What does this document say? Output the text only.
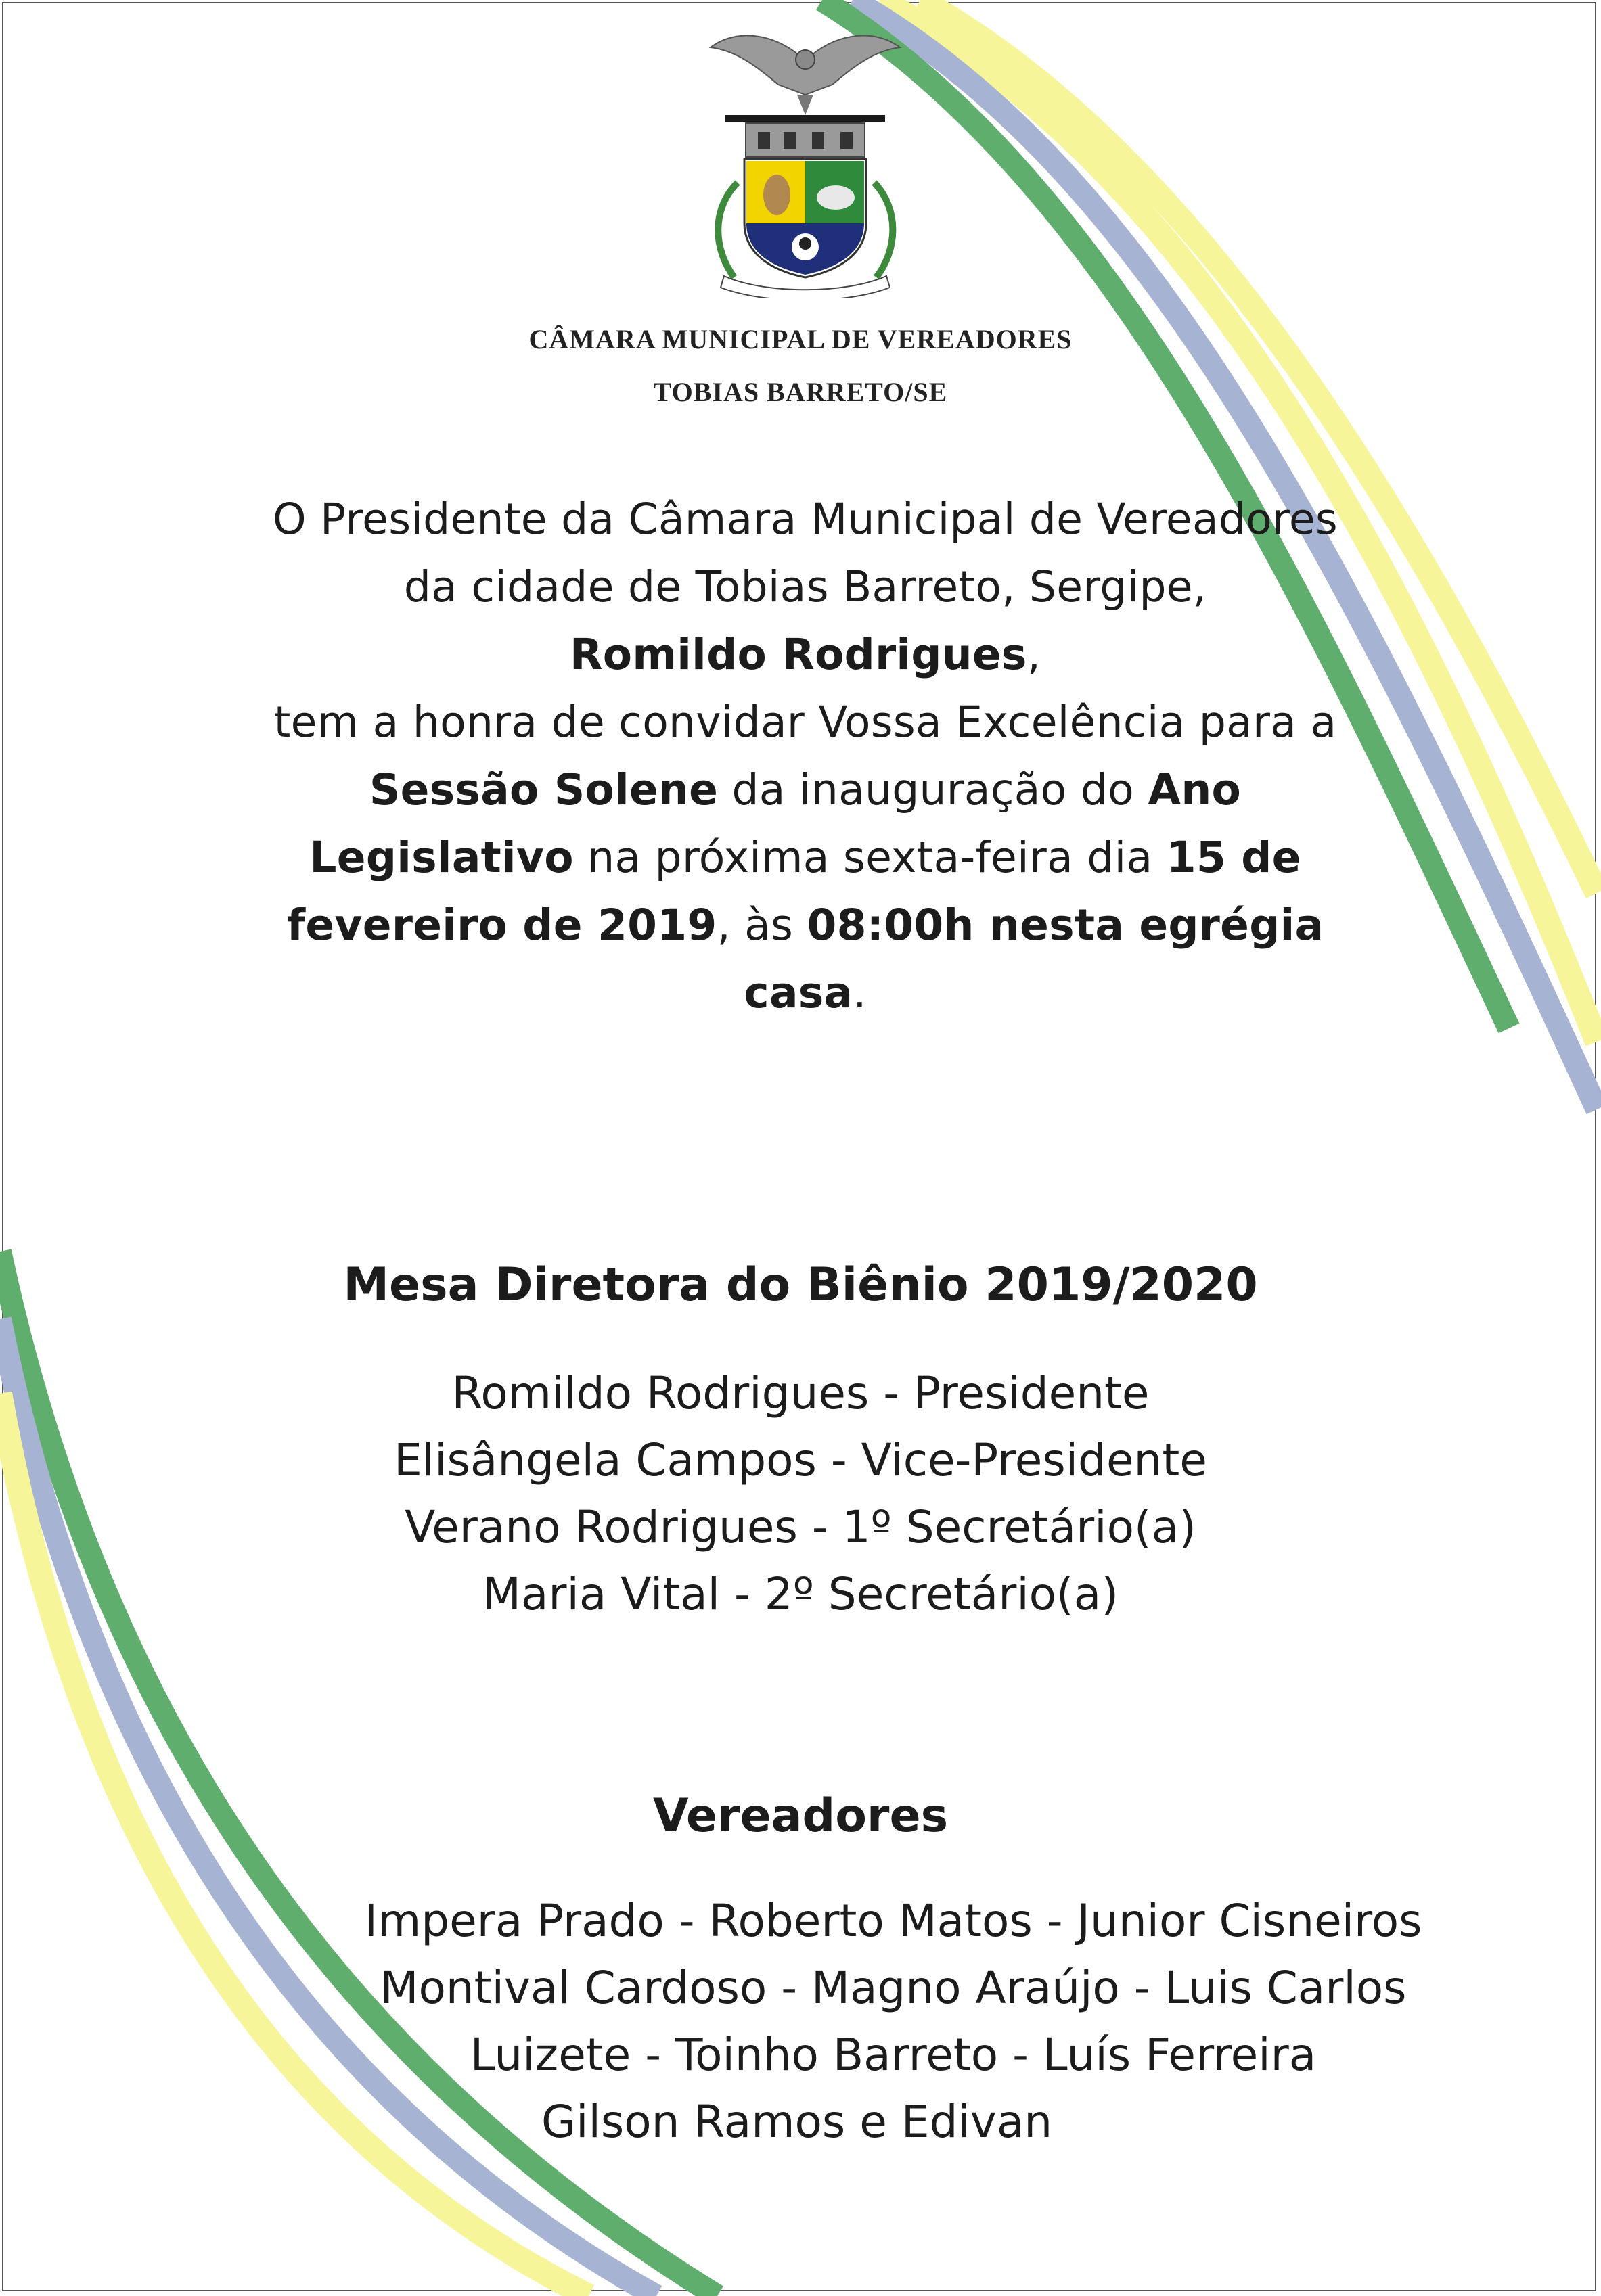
CÂMARA MUNICIPAL DE VEREADORES
TOBIAS BARRETO/SE
O Presidente da Câmara Municipal de Vereadores
da cidade de Tobias Barreto, Sergipe,
Romildo Rodrigues,
tem a honra de convidar Vossa Excelência para a
Sessão Solene da inauguração do Ano Legislativo na próxima sexta-feira dia 15 de fevereiro de 2019, às 08:00h nesta egrégia casa.
Mesa Diretora do Biênio 2019/2020
Romildo Rodrigues - Presidente
Elisângela Campos - Vice-Presidente
Verano Rodrigues - 1º Secretário(a)
Maria Vital - 2º Secretário(a)
Vereadores
Impera Prado - Roberto Matos - Junior Cisneiros
Montival Cardoso - Magno Araújo - Luis Carlos
Luizete - Toinho Barreto - Luís Ferreira
Gilson Ramos e Edivan
